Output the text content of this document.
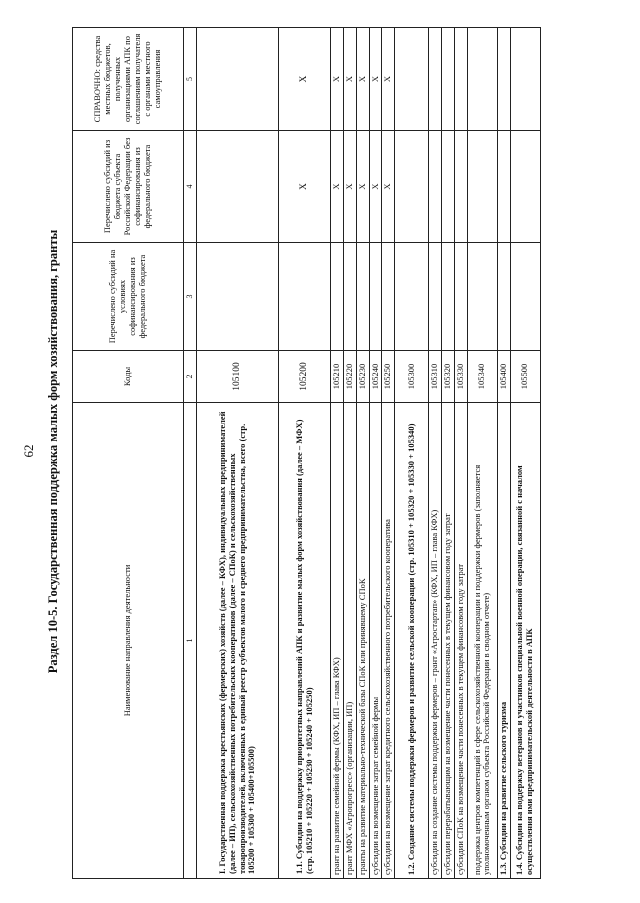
62 Раздел 10-5. Государственная поддержка малых форм хозяйствования, гранты	Наименование направления деятельности	Коды	Перечислено субсидий на условиях софинансирования из федерального бюджета	Перечислено субсидий из бюджета субъекта Российской Федерации без софинансирования из федерального бюджета	СПРАВОЧНО: средства местных бюджетов, полученных организациями АПК по соглашениям получателя с органами местного самоуправления
1	2	3	4	5
I. Государственная поддержка крестьянских (фермерских) хозяйств (далее – КФХ), индивидуальных предпринимателей (далее – ИП), сельскохозяйственных потребительских кооперативов (далее – СПоК) и сельскохозяйственных товаропроизводителей, включенных в единый реестр субъектов малого и среднего предпринимательства, всего (стр. 105200 + 105300 + 105400+105500)	105100			
1.1. Субсидии на поддержку приоритетных направлений АПК и развитие малых форм хозяйствования (далее – МФХ) (стр. 105210 + 105220 + 105230 + 105240 + 105250)	105200		X	X
грант на развитие семейной фермы (КФХ, ИП – глава КФХ)	105210		X	X
грант МФХ «Агропрогресс» (организации, ИП)	105220		X	X
гранты на развитие материально-технической базы СПоК или принявшему СПоК	105230		X	X
субсидии на возмещение затрат семейной фермы	105240		X	X
субсидии на возмещение затрат кредитного сельскохозяйственного потребительского кооператива	105250		X	X
1.2. Создание системы поддержки фермеров и развитие сельской кооперации (стр. 105310 + 105320 + 105330 + 105340)	105300			
субсидии на создание системы поддержки фермеров – грант «Агростартап» (КФХ, ИП – глава КФХ)	105310			
субсидии перерабатывающим на возмещение части понесенных в текущем финансовом году затрат	105320			
субсидии СПоК на возмещение части понесенных в текущем финансовом году затрат	105330			
поддержка центров компетенций в сфере сельскохозяйственной кооперации и поддержки фермеров (заполняется уполномоченным органом субъекта Российской Федерации в сводном отчете)	105340			
1.3. Субсидии на развитие сельского туризма	105400			
1.4. Субсидии на поддержку ветеранов и участников специальной военной операции, связанной с началом осуществления ими предпринимательской деятельности в АПК	105500			
